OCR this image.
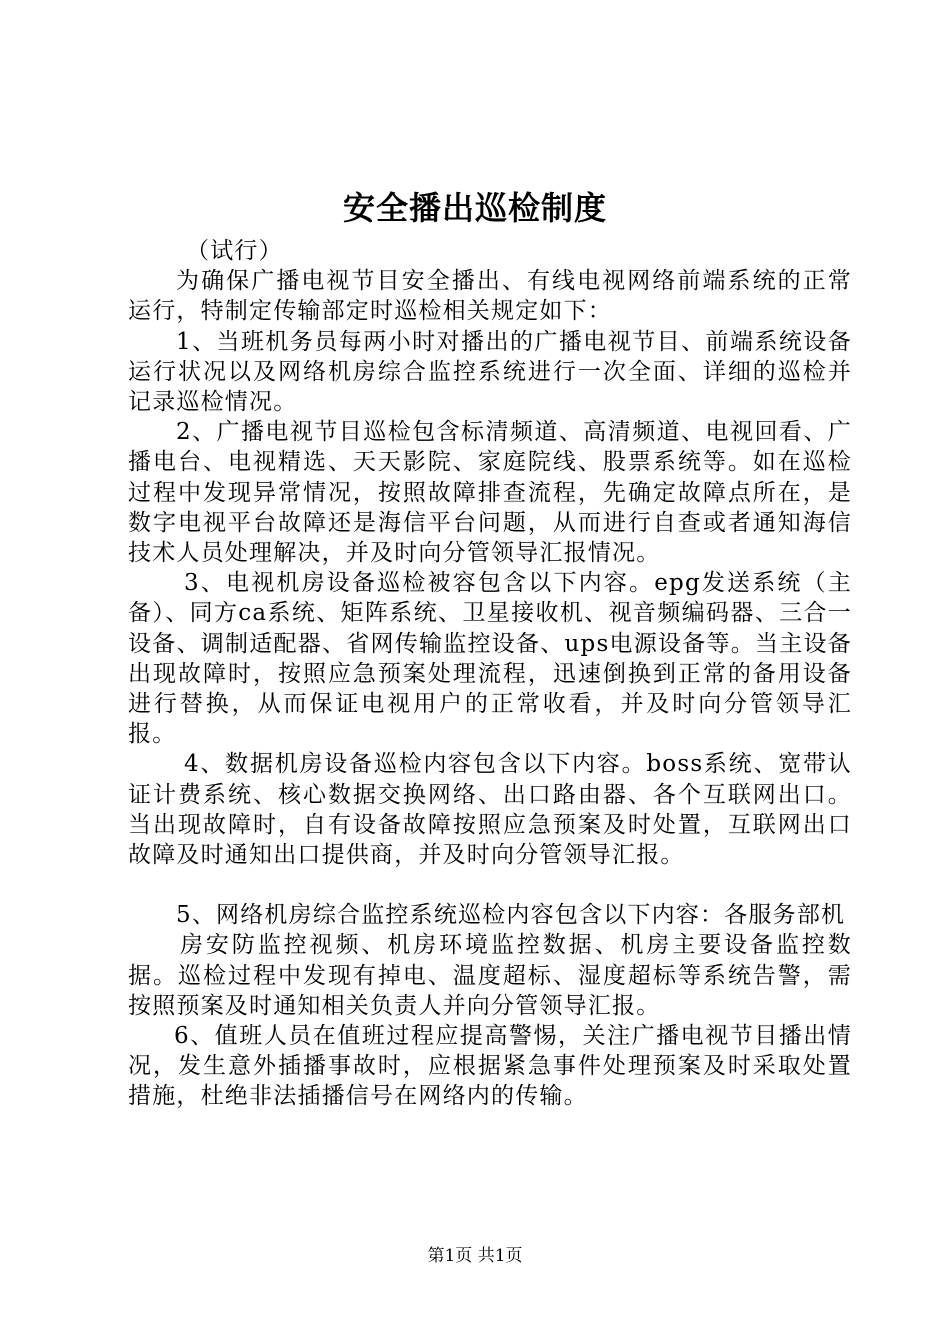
安全播出巡检制度

（试行）

为确保广播电视节目安全播出、有线电视网络前端系统的正常运行，特制定传输部定时巡检相关规定如下：

1、当班机务员每两小时对播出的广播电视节目、前端系统设备运行状况以及网络机房综合监控系统进行一次全面、详细的巡检并记录巡检情况。

2、广播电视节目巡检包含标清频道、高清频道、电视回看、广播电台、电视精选、天天影院、家庭院线、股票系统等。如在巡检过程中发现异常情况，按照故障排查流程，先确定故障点所在，是数字电视平台故障还是海信平台问题，从而进行自查或者通知海信技术人员处理解决，并及时向分管领导汇报情况。

3、电视机房设备巡检被容包含以下内容。epg发送系统（主备）、同方ca系统、矩阵系统、卫星接收机、视音频编码器、三合一设备、调制适配器、省网传输监控设备、ups电源设备等。当主设备出现故障时，按照应急预案处理流程，迅速倒换到正常的备用设备进行替换，从而保证电视用户的正常收看，并及时向分管领导汇报。

4、数据机房设备巡检内容包含以下内容。boss系统、宽带认证计费系统、核心数据交换网络、出口路由器、各个互联网出口。当出现故障时，自有设备故障按照应急预案及时处置，互联网出口故障及时通知出口提供商，并及时向分管领导汇报。

5、网络机房综合监控系统巡检内容包含以下内容：各服务部机

房安防监控视频、机房环境监控数据、机房主要设备监控数据。巡检过程中发现有掉电、温度超标、湿度超标等系统告警，需按照预案及时通知相关负责人并向分管领导汇报。

6、值班人员在值班过程应提高警惕，关注广播电视节目播出情况，发生意外插播事故时，应根据紧急事件处理预案及时采取处置措施，杜绝非法插播信号在网络内的传输。

第1页 共1页
